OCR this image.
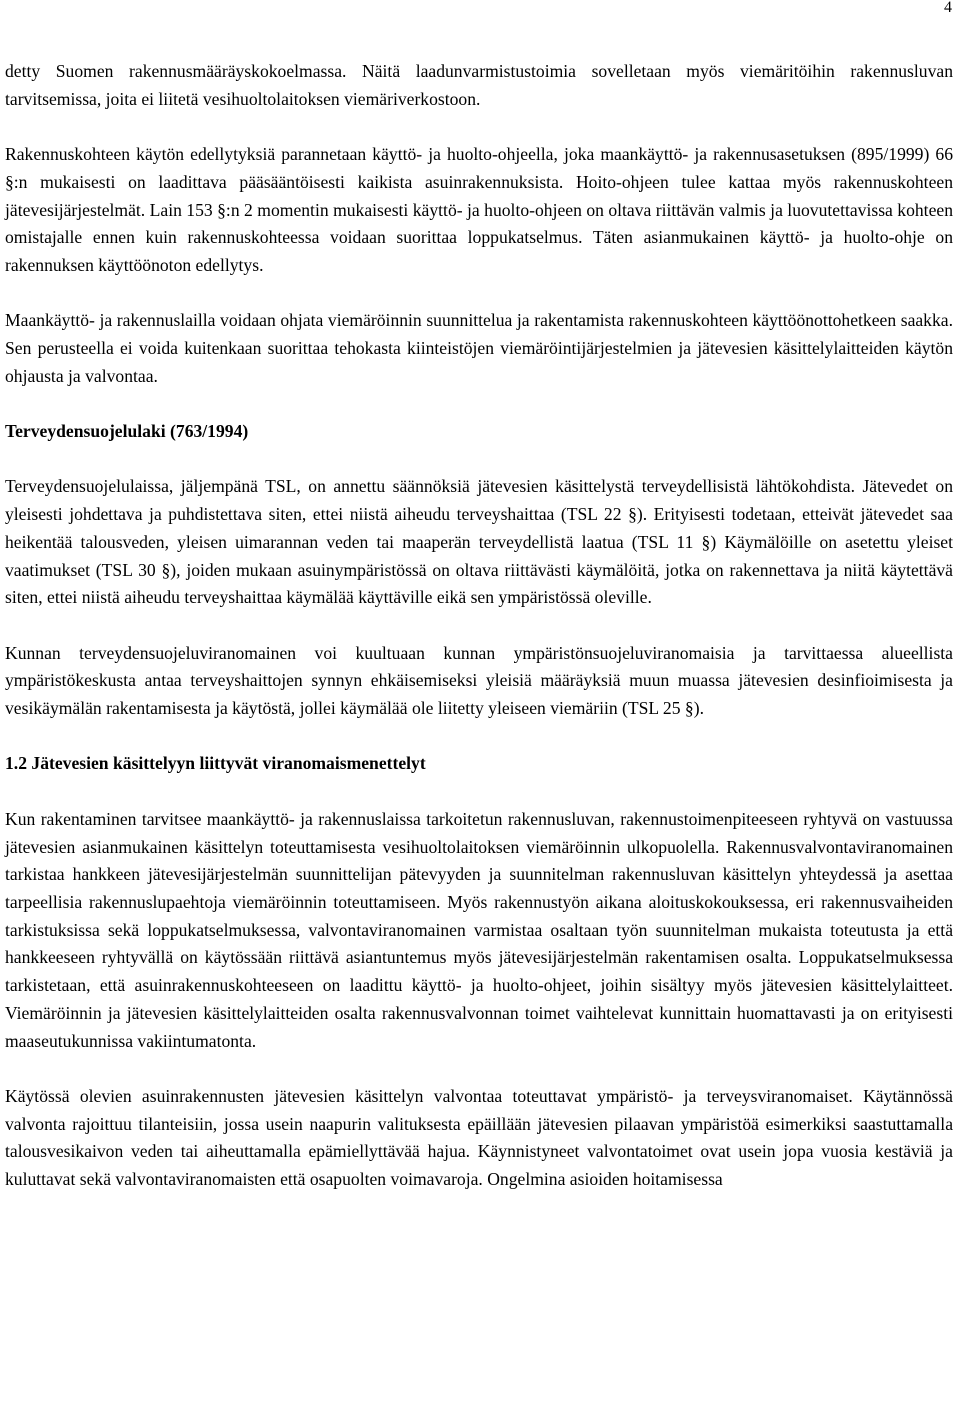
4

detty Suomen rakennusmääräyskokoelmassa. Näitä laadunvarmistustoimia sovelletaan myös viemäritöihin rakennusluvan tarvitsemissa, joita ei liitetä vesihuoltolaitoksen viemäriverkostoon.

Rakennuskohteen käytön edellytyksiä parannetaan käyttö- ja huolto-ohjeella, joka maankäyttö- ja rakennusasetuksen (895/1999) 66 §:n mukaisesti on laadittava pääsääntöisesti kaikista asuinrakennuksista. Hoito-ohjeen tulee kattaa myös rakennuskohteen jätevesijärjestelmät. Lain 153 §:n 2 momentin mukaisesti käyttö- ja huolto-ohjeen on oltava riittävän valmis ja luovutettavissa kohteen omistajalle ennen kuin rakennuskohteessa voidaan suorittaa loppukatselmus. Täten asianmukainen käyttö- ja huolto-ohje on rakennuksen käyttöönoton edellytys.

Maankäyttö- ja rakennuslailla voidaan ohjata viemäröinnin suunnittelua ja rakentamista rakennuskohteen käyttöönottohetkeen saakka. Sen perusteella ei voida kuitenkaan suorittaa tehokasta kiinteistöjen viemäröintijärjestelmien ja jätevesien käsittelylaitteiden käytön ohjausta ja valvontaa.

Terveydensuojelulaki (763/1994)

Terveydensuojelulaissa, jäljempänä TSL, on annettu säännöksiä jätevesien käsittelystä terveydellisistä lähtökohdista. Jätevedet on yleisesti johdettava ja puhdistettava siten, ettei niistä aiheudu terveyshaittaa (TSL 22 §). Erityisesti todetaan, etteivät jätevedet saa heikentää talousveden, yleisen uimarannan veden tai maaperän terveydellistä laatua (TSL 11 §) Käymälöille on asetettu yleiset vaatimukset (TSL 30 §), joiden mukaan asuinympäristössä on oltava riittävästi käymälöitä, jotka on rakennettava ja niitä käytettävä siten, ettei niistä aiheudu terveyshaittaa käymälää käyttäville eikä sen ympäristössä oleville.

Kunnan terveydensuojeluviranomainen voi kuultuaan kunnan ympäristönsuojeluviranomaisia ja tarvittaessa alueellista ympäristökeskusta antaa terveyshaittojen synnyn ehkäisemiseksi yleisiä määräyksiä muun muassa jätevesien desinfioimisesta ja vesikäymälän rakentamisesta ja käytöstä, jollei käymälää ole liitetty yleiseen viemäriin (TSL 25 §).

1.2 Jätevesien käsittelyyn liittyvät viranomaismenettelyt

Kun rakentaminen tarvitsee maankäyttö- ja rakennuslaissa tarkoitetun rakennusluvan, rakennustoimenpiteeseen ryhtyvä on vastuussa jätevesien asianmukainen käsittelyn toteuttamisesta vesihuoltolaitoksen viemäröinnin ulkopuolella. Rakennusvalvontaviranomainen tarkistaa hankkeen jätevesijärjestelmän suunnittelijan pätevyyden ja suunnitelman rakennusluvan käsittelyn yhteydessä ja asettaa tarpeellisia rakennuslupaehtoja viemäröinnin toteuttamiseen. Myös rakennustyön aikana aloituskokouksessa, eri rakennusvaiheiden tarkistuksissa sekä loppukatselmuksessa, valvontaviranomainen varmistaa osaltaan työn suunnitelman mukaista toteutusta ja että hankkeeseen ryhtyvällä on käytössään riittävä asiantuntemus myös jätevesijärjestelmän rakentamisen osalta. Loppukatselmuksessa tarkistetaan, että asuinrakennuskohteeseen on laadittu käyttö- ja huolto-ohjeet, joihin sisältyy myös jätevesien käsittelylaitteet. Viemäröinnin ja jätevesien käsittelylaitteiden osalta rakennusvalvonnan toimet vaihtelevat kunnittain huomattavasti ja on erityisesti maaseutukunnissa vakiintumatonta.

Käytössä olevien asuinrakennusten jätevesien käsittelyn valvontaa toteuttavat ympäristö- ja terveysviranomaiset. Käytännössä valvonta rajoittuu tilanteisiin, jossa usein naapurin valituksesta epäillään jätevesien pilaavan ympäristöä esimerkiksi saastuttamalla talousvesikaivon veden tai aiheuttamalla epämiellyttävää hajua. Käynnistyneet valvontatoimet ovat usein jopa vuosia kestäviä ja kuluttavat sekä valvontaviranomaisten että osapuolten voimavaroja. Ongelmina asioiden hoitamisessa
